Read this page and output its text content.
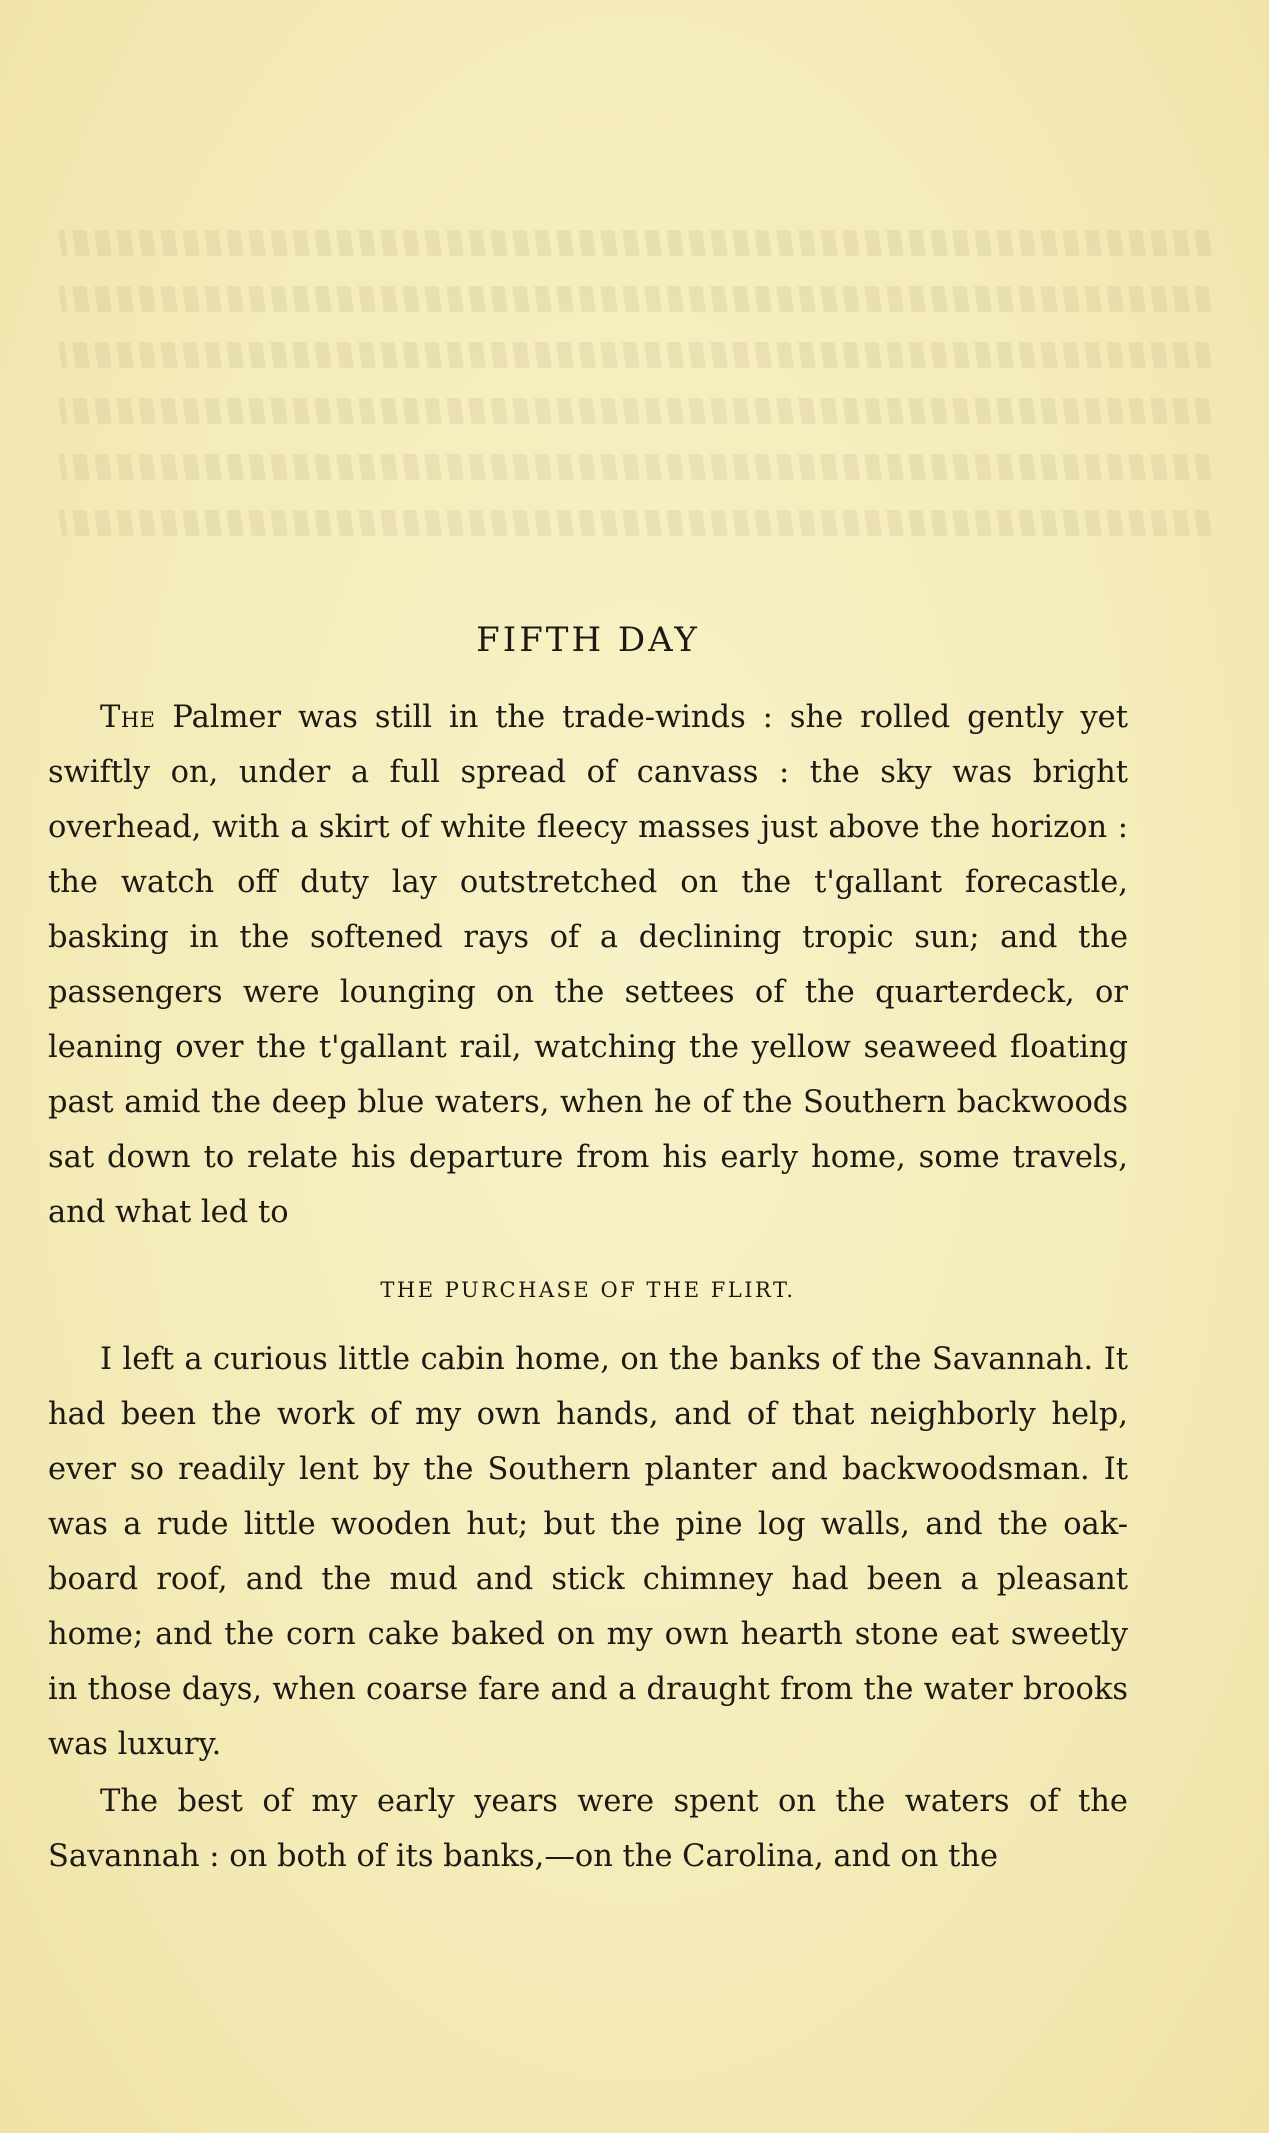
FIFTH DAY

The Palmer was still in the trade-winds : she rolled gently yet swiftly on, under a full spread of canvass : the sky was bright overhead, with a skirt of white fleecy masses just above the horizon : the watch off duty lay outstretched on the t'gallant forecastle, basking in the softened rays of a declining tropic sun; and the passengers were lounging on the settees of the quarterdeck, or leaning over the t'gallant rail, watching the yellow seaweed floating past amid the deep blue waters, when he of the Southern backwoods sat down to relate his departure from his early home, some travels, and what led to

THE PURCHASE OF THE FLIRT.

I left a curious little cabin home, on the banks of the Savannah. It had been the work of my own hands, and of that neighborly help, ever so readily lent by the Southern planter and backwoodsman. It was a rude little wooden hut; but the pine log walls, and the oak-board roof, and the mud and stick chimney had been a pleasant home; and the corn cake baked on my own hearth stone eat sweetly in those days, when coarse fare and a draught from the water brooks was luxury.

The best of my early years were spent on the waters of the Savannah : on both of its banks,—on the Carolina, and on the
